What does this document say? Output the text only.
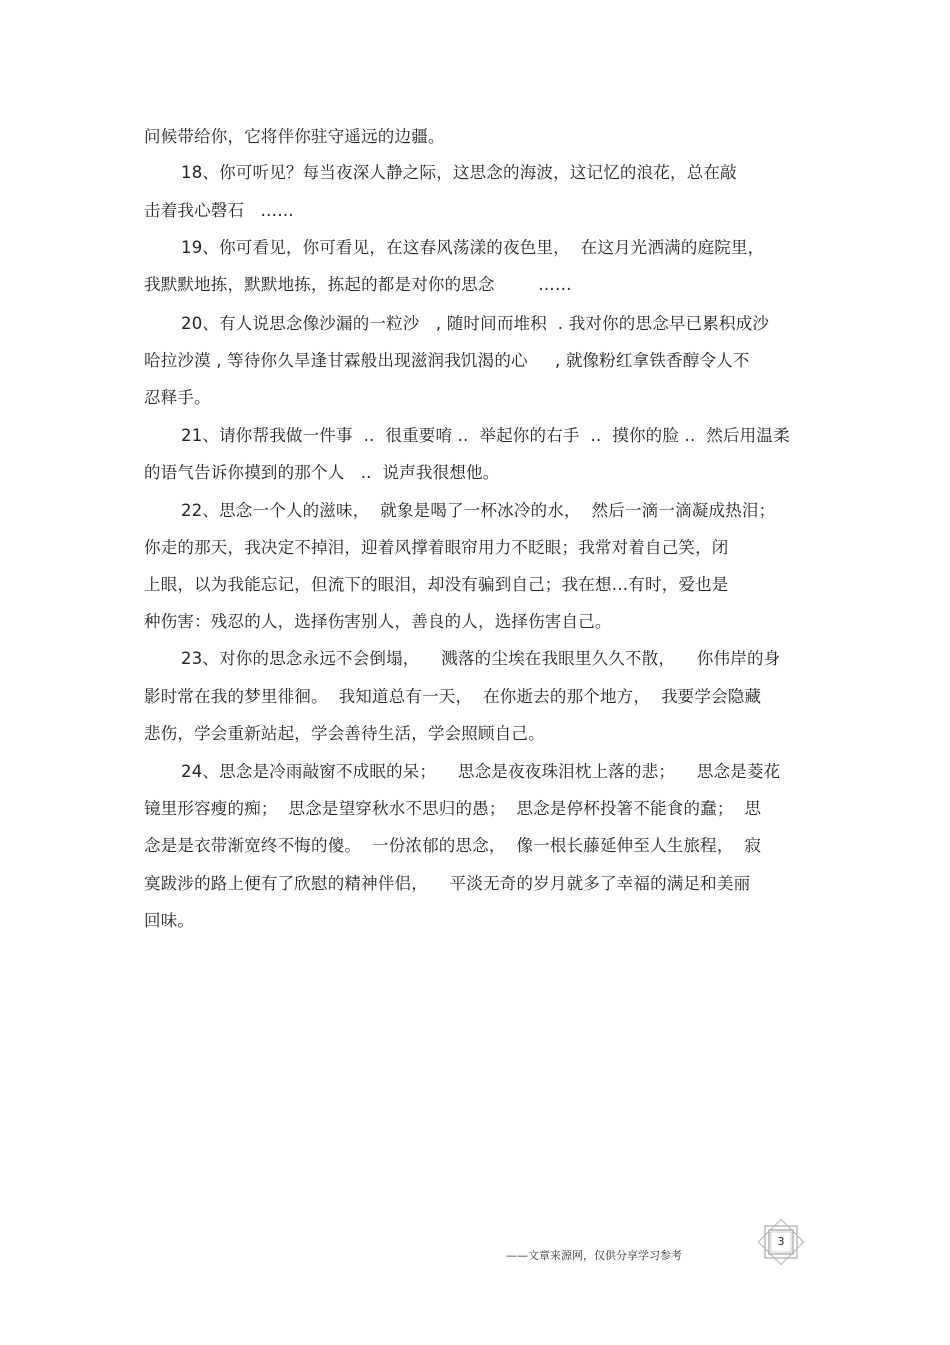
问候带给你，它将伴你驻守遥远的边疆。
18、你可听见？每当夜深人静之际，这思念的海波，这记忆的浪花，总在敲
击着我心磬石   ……
19、你可看见，你可看见，在这春风荡漾的夜色里，  在这月光洒满的庭院里，
我默默地拣，默默地拣，拣起的都是对你的思念        ……
20、有人说思念像沙漏的一粒沙   , 随时间而堆积  . 我对你的思念早已累积成沙
哈拉沙漠 , 等待你久旱逢甘霖般出现滋润我饥渴的心     , 就像粉红拿铁香醇令人不
忍释手。
21、请你帮我做一件事  ..  很重要唷 ..  举起你的右手  ..  摸你的脸 ..  然后用温柔
的语气告诉你摸到的那个人   ..  说声我很想他。
22、思念一个人的滋味，  就象是喝了一杯冰冷的水，  然后一滴一滴凝成热泪；
你走的那天，我决定不掉泪，迎着风撑着眼帘用力不眨眼；我常对着自己笑，闭
上眼，以为我能忘记，但流下的眼泪，却没有骗到自己；我在想…有时，爱也是
种伤害：残忍的人，选择伤害别人，善良的人，选择伤害自己。
23、对你的思念永远不会倒塌，    溅落的尘埃在我眼里久久不散，    你伟岸的身
影时常在我的梦里徘徊。  我知道总有一天，  在你逝去的那个地方，  我要学会隐藏
悲伤，学会重新站起，学会善待生活，学会照顾自己。
24、思念是冷雨敲窗不成眠的呆；    思念是夜夜珠泪枕上落的悲；    思念是菱花
镜里形容瘦的痴；  思念是望穿秋水不思归的愚；  思念是停杯投箸不能食的蠢；  思
念是是衣带渐宽终不悔的傻。  一份浓郁的思念，  像一根长藤延伸至人生旅程，  寂
寞跋涉的路上便有了欣慰的精神伴侣，    平淡无奇的岁月就多了幸福的满足和美丽
回味。
——文章来源网，仅供分享学习参考
3
